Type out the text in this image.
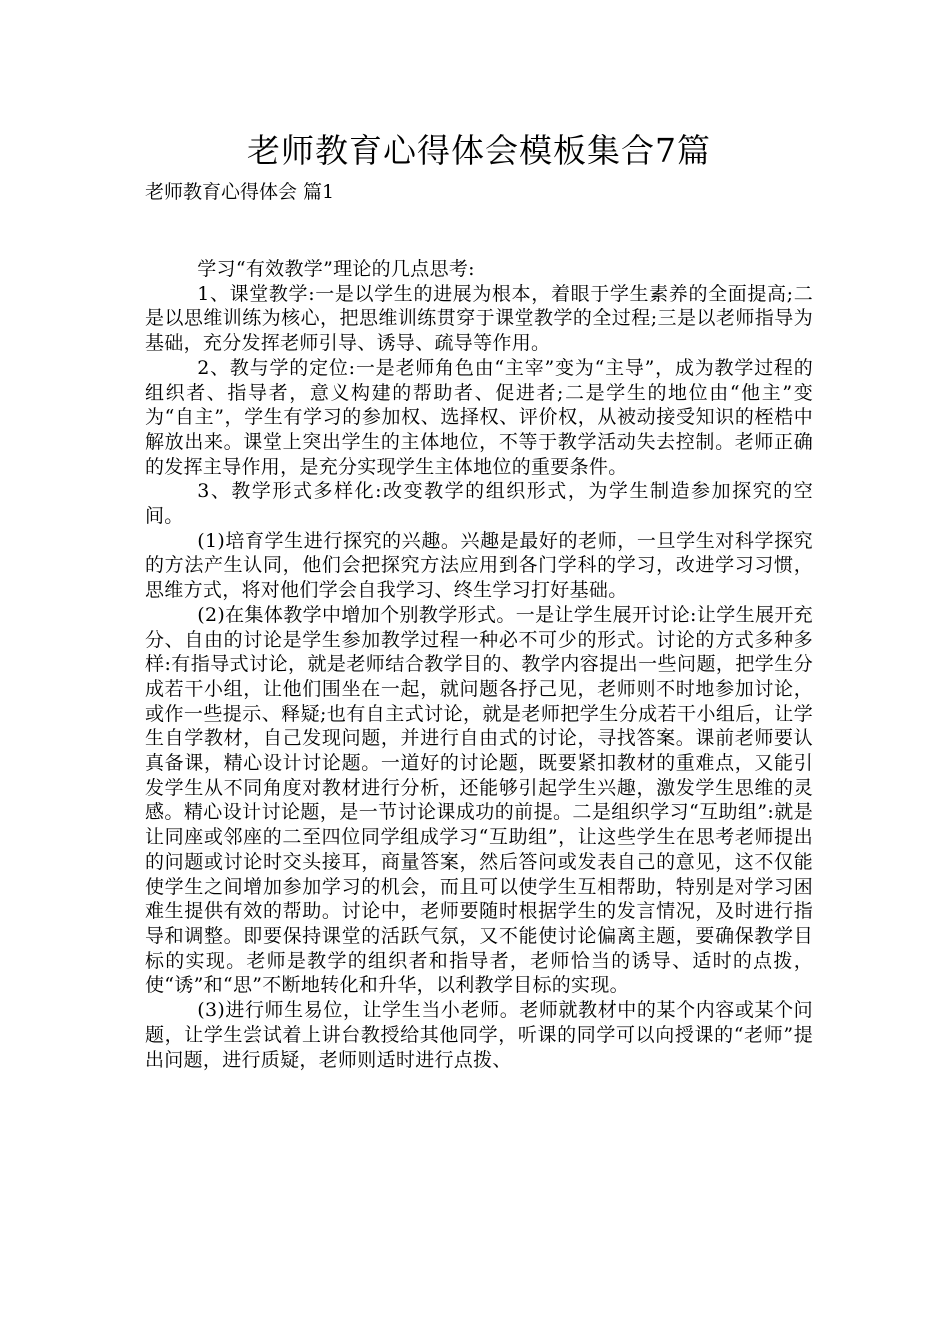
老师教育心得体会模板集合7篇
老师教育心得体会 篇1

学习“有效教学”理论的几点思考:

1、课堂教学:一是以学生的进展为根本，着眼于学生素养的全面提高;二是以思维训练为核心，把思维训练贯穿于课堂教学的全过程;三是以老师指导为基础，充分发挥老师引导、诱导、疏导等作用。

2、教与学的定位:一是老师角色由“主宰”变为“主导”，成为教学过程的组织者、指导者，意义构建的帮助者、促进者;二是学生的地位由“他主”变为“自主”，学生有学习的参加权、选择权、评价权，从被动接受知识的桎梏中解放出来。课堂上突出学生的主体地位，不等于教学活动失去控制。老师正确的发挥主导作用，是充分实现学生主体地位的重要条件。

3、教学形式多样化:改变教学的组织形式，为学生制造参加探究的空间。

(1)培育学生进行探究的兴趣。兴趣是最好的老师，一旦学生对科学探究的方法产生认同，他们会把探究方法应用到各门学科的学习，改进学习习惯，思维方式，将对他们学会自我学习、终生学习打好基础。

(2)在集体教学中增加个别教学形式。一是让学生展开讨论:让学生展开充分、自由的讨论是学生参加教学过程一种必不可少的形式。讨论的方式多种多样:有指导式讨论，就是老师结合教学目的、教学内容提出一些问题，把学生分成若干小组，让他们围坐在一起，就问题各抒己见，老师则不时地参加讨论，或作一些提示、释疑;也有自主式讨论，就是老师把学生分成若干小组后，让学生自学教材，自己发现问题，并进行自由式的讨论，寻找答案。课前老师要认真备课，精心设计讨论题。一道好的讨论题，既要紧扣教材的重难点，又能引发学生从不同角度对教材进行分析，还能够引起学生兴趣，激发学生思维的灵感。精心设计讨论题，是一节讨论课成功的前提。二是组织学习“互助组”:就是让同座或邻座的二至四位同学组成学习“互助组”，让这些学生在思考老师提出的问题或讨论时交头接耳，商量答案，然后答问或发表自己的意见，这不仅能使学生之间增加参加学习的机会，而且可以使学生互相帮助，特别是对学习困难生提供有效的帮助。讨论中，老师要随时根据学生的发言情况，及时进行指导和调整。即要保持课堂的活跃气氛，又不能使讨论偏离主题，要确保教学目标的实现。老师是教学的组织者和指导者，老师恰当的诱导、适时的点拨，使“诱”和“思”不断地转化和升华，以利教学目标的实现。

(3)进行师生易位，让学生当小老师。老师就教材中的某个内容或某个问题，让学生尝试着上讲台教授给其他同学，听课的同学可以向授课的“老师”提出问题，进行质疑，老师则适时进行点拨、
